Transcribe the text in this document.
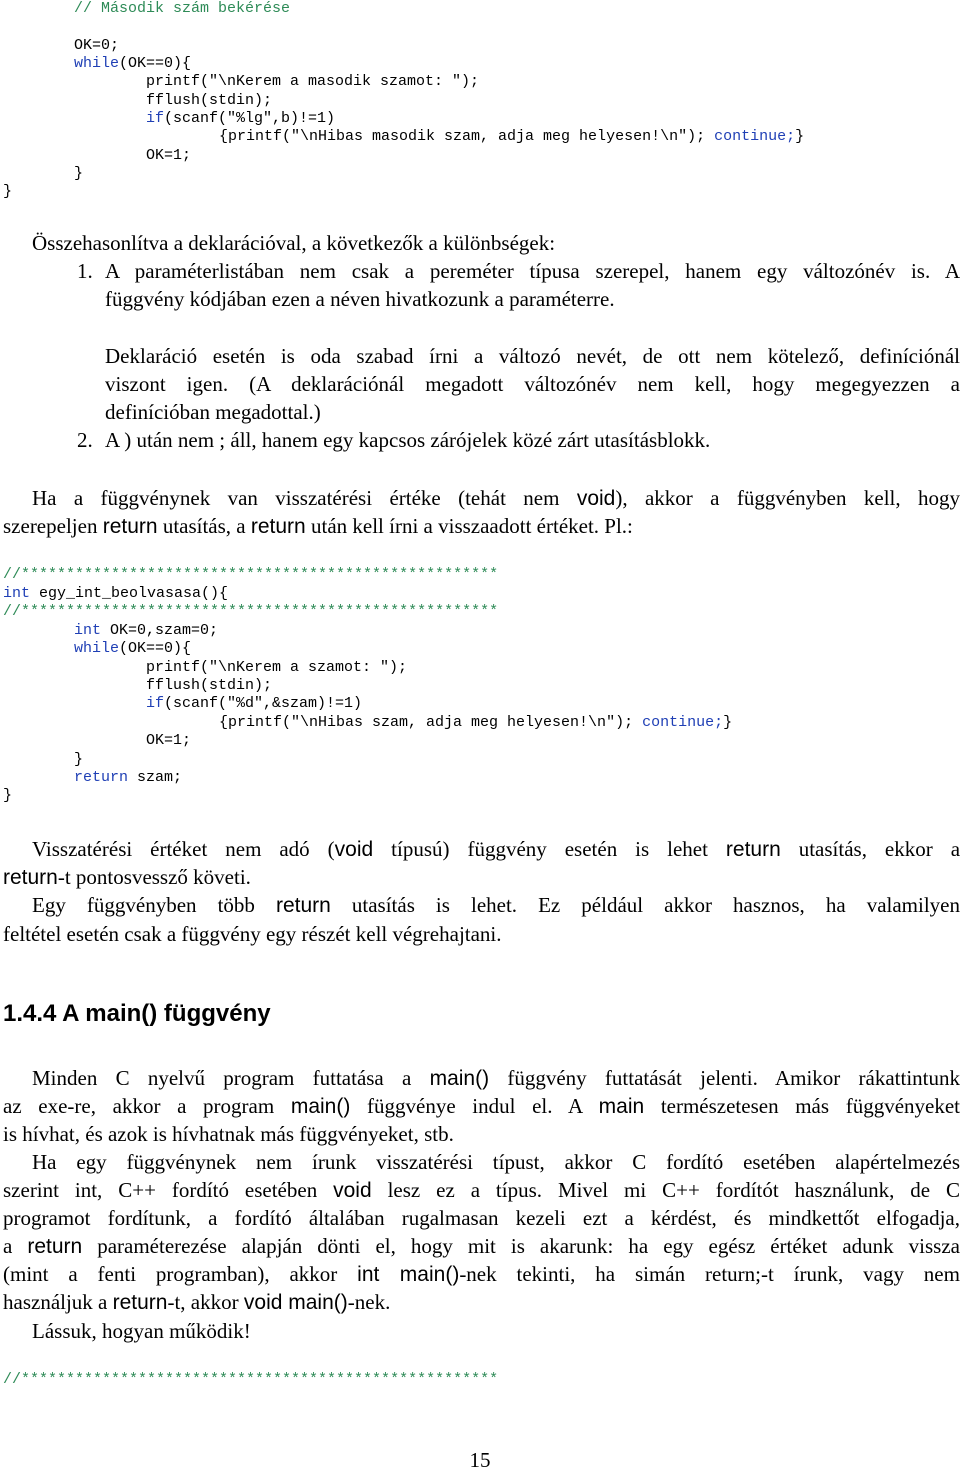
// Második szám bekérése
OK=0;
while(OK==0){
printf("\nKerem a masodik szamot: ");
fflush(stdin);
if(scanf("%lg",b)!=1)
{printf("\nHibas masodik szam, adja meg helyesen!\n"); continue;}
OK=1;
}
}
Összehasonlítva a deklarációval, a következők a különbségek:
1. A paraméterlistában nem csak a pereméter típusa szerepel, hanem egy változónév is. A
függvény kódjában ezen a néven hivatkozunk a paraméterre.
Deklaráció esetén is oda szabad írni a változó nevét, de ott nem kötelező, definíciónál
viszont igen. (A deklarációnál megadott változónév nem kell, hogy megegyezzen a
definícióban megadottal.)
2. A ) után nem ; áll, hanem egy kapcsos zárójelek közé zárt utasításblokk.
Ha a függvénynek van visszatérési értéke (tehát nem void), akkor a függvényben kell, hogy
szerepeljen return utasítás, a return után kell írni a visszaadott értéket. Pl.:
//*****************************************************
int egy_int_beolvasasa(){
//*****************************************************
int OK=0,szam=0;
while(OK==0){
printf("\nKerem a szamot: ");
fflush(stdin);
if(scanf("%d",&szam)!=1)
{printf("\nHibas szam, adja meg helyesen!\n"); continue;}
OK=1;
}
return szam;
}
Visszatérési értéket nem adó (void típusú) függvény esetén is lehet return utasítás, ekkor a
return-t pontosvessző követi.
Egy függvényben több return utasítás is lehet. Ez például akkor hasznos, ha valamilyen
feltétel esetén csak a függvény egy részét kell végrehajtani.
1.4.4 A main() függvény
Minden C nyelvű program futtatása a main() függvény futtatását jelenti. Amikor rákattintunk
az exe-re, akkor a program main() függvénye indul el. A main természetesen más függvényeket
is hívhat, és azok is hívhatnak más függvényeket, stb.
Ha egy függvénynek nem írunk visszatérési típust, akkor C fordító esetében alapértelmezés
szerint int, C++ fordító esetében void lesz ez a típus. Mivel mi C++ fordítót használunk, de C
programot fordítunk, a fordító általában rugalmasan kezeli ezt a kérdést, és mindkettőt elfogadja,
a return paraméterezése alapján dönti el, hogy mit is akarunk: ha egy egész értéket adunk vissza
(mint a fenti programban), akkor int main()-nek tekinti, ha simán return;-t írunk, vagy nem
használjuk a return-t, akkor void main()-nek.
Lássuk, hogyan működik!
//*****************************************************
15
